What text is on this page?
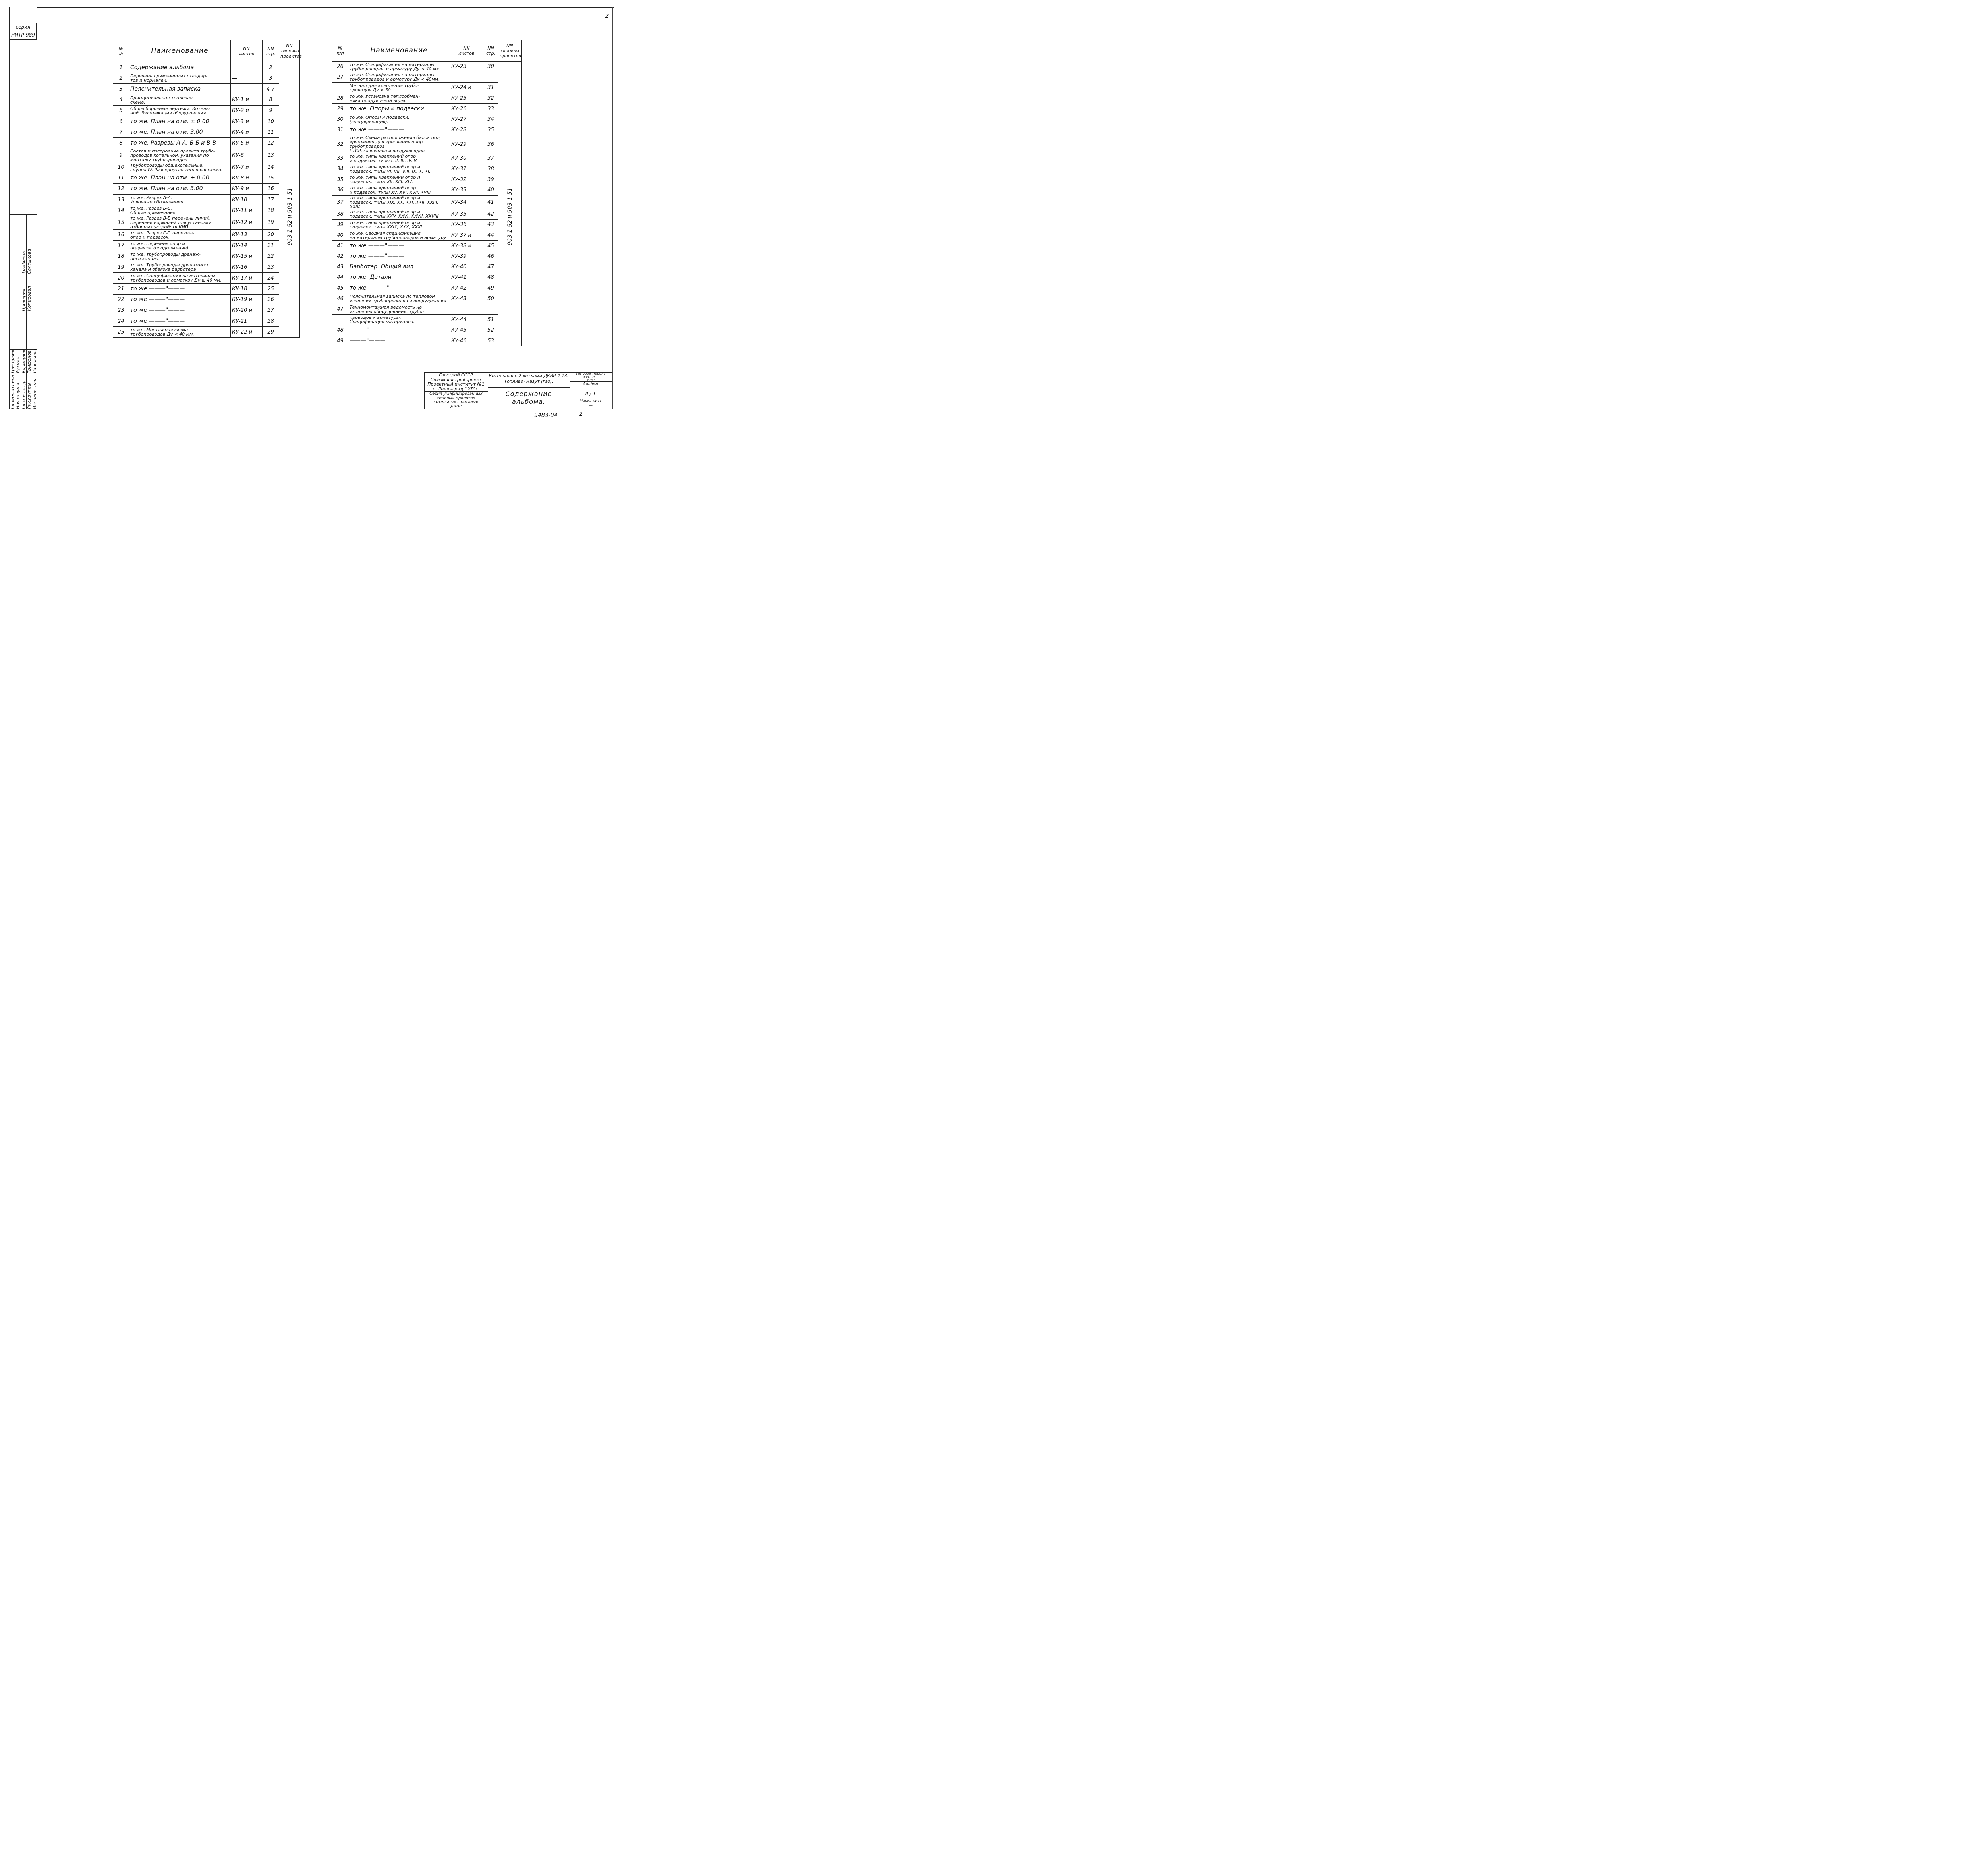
2
серия
НИТР-989
№
п/п	Наименование	NN
листов	NN
стр.	NN
типовых
проектов
1	Содержание альбома	—	2	
2	Перечень примененных стандар-
тов и нормалей.	—	3	
3	Пояснительная записка	—	4-7	
4	Принципиальная тепловая
схема.	КУ-1 и	8	
5	Общесборочные чертежи. Котель-
ной. Экспликация оборудования	КУ-2 и	9	
6	то же. План на отм. ± 0.00	КУ-3 и	10	
7	то же. План на отм. 3.00	КУ-4 и	11	
8	то же. Разрезы А-А; Б-Б и В-В	КУ-5 и	12	
9	Состав и построение проекта трубо-
проводов котельной, указания по
монтажу трубопроводов	КУ-6	13	
10	Трубопроводы общекотельные.
Группа IV. Развернутая тепловая схема.	КУ-7 и	14	
11	то же. План на отм. ± 0.00	КУ-8 и	15	
12	то же. План на отм. 3.00	КУ-9 и	16	
13	то же. Разрез А-А.
Условные обозначения	КУ-10	17	
14	то же. Разрез Б-Б.
Общие примечания.	КУ-11 и	18	
15	то же. Разрез В-В перечень линий.
Перечень нормалей для установки
отборных устройств КИП.	КУ-12 и	19	
16	то же. Разрез Г-Г. перечень
опор и подвесок.	КУ-13	20	
17	то же. Перечень опор и
подвесок (продолжение)	КУ-14	21	
18	то же. трубопроводы дренаж-
ного канала.	КУ-15 и	22	
19	то же. Трубопроводы дренажного
канала и обвязка барботера	КУ-16	23	
20	то же. Спецификация на материалы
трубопроводов и арматуру Ду ≥ 40 мм.	КУ-17 и	24	
21	то же ———"———	КУ-18	25	
22	то же ———"———	КУ-19 и	26	
23	то же ———"———	КУ-20 и	27	
24	то же ———"———	КУ-21	28	
25	то же. Монтажная схема
трубопроводов Ду < 40 мм.	КУ-22 и	29	
903-1-52 и 903-1-51
№
п/п	Наименование	NN
листов	NN
стр.	NN
типовых
проектов
26	то же. Спецификация на материалы
трубопроводов и арматуру Ду < 40 мм.	КУ-23	30	
27	то же. Спецификация на материалы
трубопроводов и арматуру Ду < 40мм.			
	Металл для крепления трубо-
проводов Ду < 50	КУ-24 и	31	
28	то же. Установка теплообмен-
ника продувочной воды.	КУ-25	32	
29	то же. Опоры и подвески	КУ-26	33	
30	то же. Опоры и подвески.
(спецификация).	КУ-27	34	
31	то же ———"———	КУ-28	35	
32	то же. Схема расположения балок под
крепления для крепления опор трубопроводов
I-ТСР, газоходов и воздуховодов.	КУ-29	36	
33	то же. типы креплений опор
и подвесок. типы I, II, III, IV, V.	КУ-30	37	
34	то же. типы креплений опор и
подвесок. типы VI, VII, VIII, IX, X, XI.	КУ-31	38	
35	то же. типы креплений опор и
подвесок. типы XII, XIII, XIV.	КУ-32	39	
36	то же. типы креплений опор
и подвесок. типы XV, XVI, XVII, XVIII	КУ-33	40	
37	то же. типы креплений опор и
подвесок. типы XIX, XX, XXI, XXII, XXIII, XXIV.	КУ-34	41	
38	то же. типы креплений опор и
подвесок. типы XXV, XXVI, XXVII, XXVIII.	КУ-35	42	
39	то же. типы креплений опор и
подвесок. типы XXIX, XXX, XXXI	КУ-36	43	
40	то же. Сводная спецификация
на материалы трубопроводов и арматуру	КУ-37 и	44	
41	то же ———"———	КУ-38 и	45	
42	то же ———"———	КУ-39	46	
43	Барботер. Общий вид.	КУ-40	47	
44	то же. Детали.	КУ-41	48	
45	то же. ———"———	КУ-42	49	
46	Пояснительная записка по тепловой
изоляции трубопроводов и оборудования	КУ-43	50	
47	Техномонтажная ведомость на
изоляцию оборудования, трубо-			
	проводов и арматуры.
Спецификация материалов.	КУ-44	51	
48	———"———	КУ-45	52	
49	———"———	КУ-46	53	
903-1-52 и 903-1-51
Гл.инж.отдела Нач.отдела Гл.спец.отд. Рук.группы Исполнитель
Григорьев Рухман Корищнов Трифонов Савельева
Проверил Копировал
Трифонов Салтыкова
Госстрой СССР
Союзмашстройпроект
Проектный институт №1
г. Ленинград 1970г.
Серия унифицированных
типовых проектов
котельных с котлами
ДКВР
Котельная с 2 котлами ДКВР-4-13.
Топливо- мазут (газ).
Содержание
альбома.
Типовой проект
903-1-5...
тип I
Альбом
II / 1
Марка-лист
—
9483-04	2
